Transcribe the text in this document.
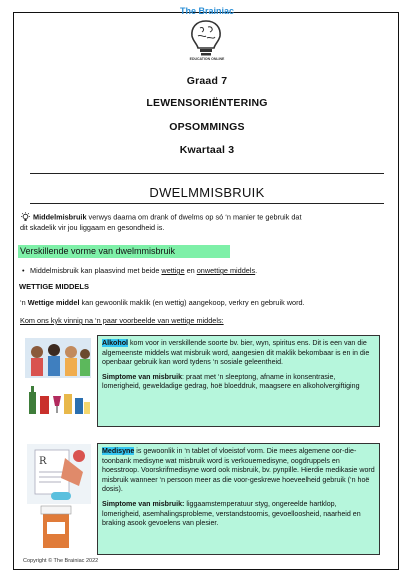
The Brainiac
EDUCATION ONLINE
Graad 7
LEWENSORIËNTERING
OPSOMMINGS
Kwartaal 3
DWELMMISBRUIK
Middelmisbruik verwys daarna om drank of dwelms op só ‘n manier te gebruik dat
dit skadelik vir jou liggaam en gesondheid is.
Verskillende vorme van dwelmmisbruik
• Middelmisbruik kan plaasvind met beide wettige en onwettige middels.
WETTIGE MIDDELS
‘n Wettige middel kan gewoonlik maklik (en wettig) aangekoop, verkry en gebruik word.
Kom ons kyk vinnig na ‘n paar voorbeelde van wettige middels:

Alkohol kom voor in verskillende soorte bv. bier, wyn, spiritus ens. Dit is een van die algemeenste middels wat misbruik word, aangesien dit maklik bekombaar is en in die openbaar gebruik kan word tydens ‘n sosiale geleentheid.

Simptome van misbruik: praat met ‘n sleeptong, afname in konsentrasie, lomerigheid, geweldadige gedrag, hoë bloeddruk, maagsere en alkoholvergiftiging

R

Medisyne is gewoonlik in ‘n tablet of vloeistof vorm. Die mees algemene oor-die-toonbank medisyne wat misbruik word is verkouemedisyne, oogdruppels en hoesstroop. Voorskrifmedisyne word ook misbruik, bv. pynpille. Hierdie medikasie word misbruik wanneer ‘n persoon meer as die voor-geskrewe hoeveelheid gebruik (‘n hoë dosis).

Simptome van misbruik: liggaamstemperatuur styg, ongereelde hartklop, lomerigheid, asemhalingsprobleme, verstandstoornis, gevoelloosheid, naarheid en braking asook gevoelens van plesier.

Copyright © The Brainiac 2022
